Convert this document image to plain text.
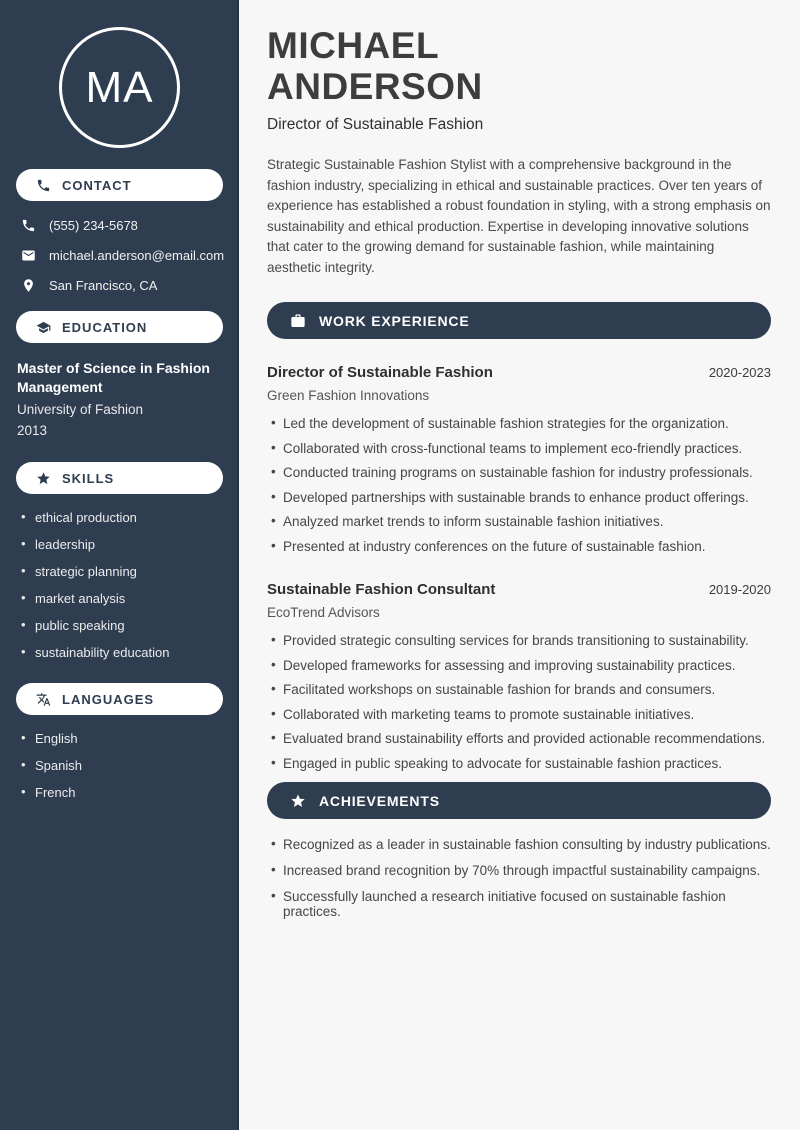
MA
CONTACT
(555) 234-5678
michael.anderson@email.com
San Francisco, CA
EDUCATION
Master of Science in Fashion Management
University of Fashion
2013
SKILLS
• ethical production
• leadership
• strategic planning
• market analysis
• public speaking
• sustainability education
LANGUAGES
• English
• Spanish
• French
MICHAEL
ANDERSON
Director of Sustainable Fashion

Strategic Sustainable Fashion Stylist with a comprehensive background in the fashion industry, specializing in ethical and sustainable practices. Over ten years of experience has established a robust foundation in styling, with a strong emphasis on sustainability and ethical production. Expertise in developing innovative solutions that cater to the growing demand for sustainable fashion, while maintaining aesthetic integrity.

WORK EXPERIENCE
Director of Sustainable Fashion	2020-2023
Green Fashion Innovations
• Led the development of sustainable fashion strategies for the organization.
• Collaborated with cross-functional teams to implement eco-friendly practices.
• Conducted training programs on sustainable fashion for industry professionals.
• Developed partnerships with sustainable brands to enhance product offerings.
• Analyzed market trends to inform sustainable fashion initiatives.
• Presented at industry conferences on the future of sustainable fashion.
Sustainable Fashion Consultant	2019-2020
EcoTrend Advisors
• Provided strategic consulting services for brands transitioning to sustainability.
• Developed frameworks for assessing and improving sustainability practices.
• Facilitated workshops on sustainable fashion for brands and consumers.
• Collaborated with marketing teams to promote sustainable initiatives.
• Evaluated brand sustainability efforts and provided actionable recommendations.
• Engaged in public speaking to advocate for sustainable fashion practices.
ACHIEVEMENTS
• Recognized as a leader in sustainable fashion consulting by industry publications.
• Increased brand recognition by 70% through impactful sustainability campaigns.
• Successfully launched a research initiative focused on sustainable fashion practices.
